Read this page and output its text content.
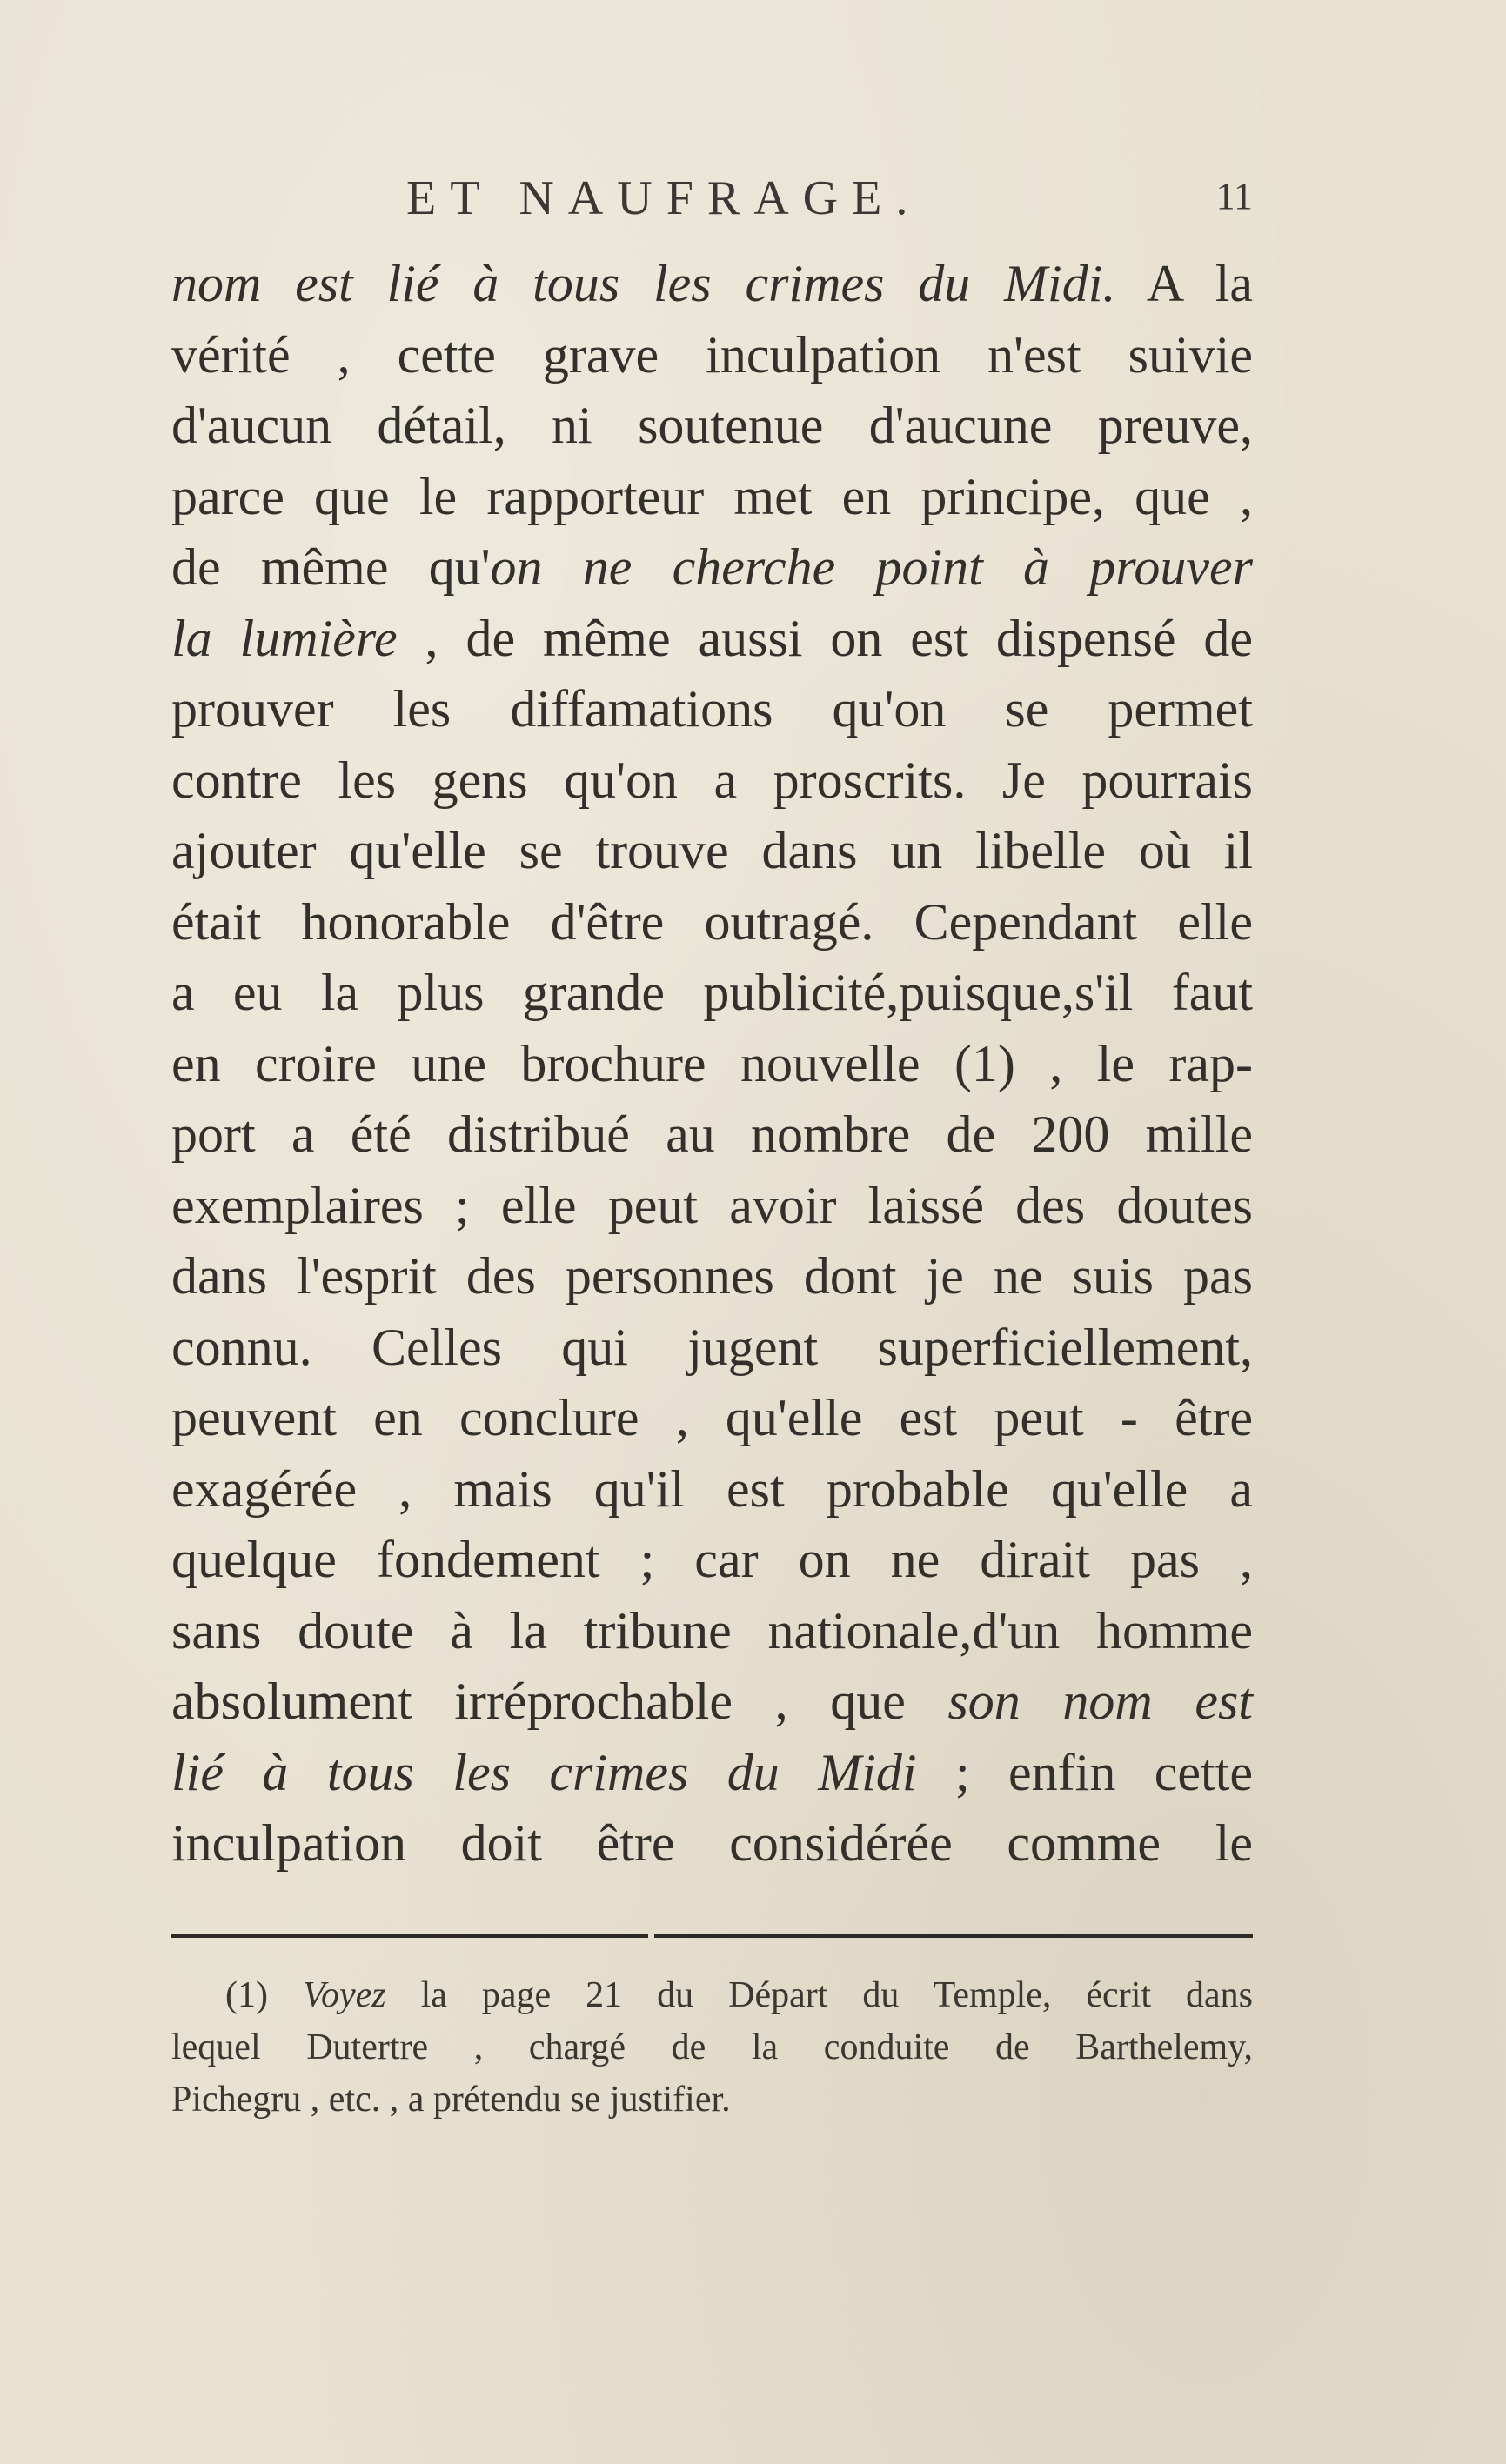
ET NAUFRAGE.	11
nom est lié à tous les crimes du Midi. A la
vérité , cette grave inculpation n'est suivie
d'aucun détail, ni soutenue d'aucune preuve,
parce que le rapporteur met en principe, que ,
de même qu'on ne cherche point à prouver
la lumière , de même aussi on est dispensé de
prouver les diffamations qu'on se permet
contre les gens qu'on a proscrits. Je pourrais
ajouter qu'elle se trouve dans un libelle où il
était honorable d'être outragé. Cependant elle
a eu la plus grande publicité,puisque,s'il faut
en croire une brochure nouvelle (1) , le rap-
port a été distribué au nombre de 200 mille
exemplaires ; elle peut avoir laissé des doutes
dans l'esprit des personnes dont je ne suis pas
connu. Celles qui jugent superficiellement,
peuvent en conclure , qu'elle est peut - être
exagérée , mais qu'il est probable qu'elle a
quelque fondement ; car on ne dirait pas ,
sans doute à la tribune nationale,d'un homme
absolument irréprochable , que son nom est
lié à tous les crimes du Midi ; enfin cette
inculpation doit être considérée comme le
(1) Voyez la page 21 du Départ du Temple, écrit dans
lequel Dutertre , chargé de la conduite de Barthelemy,
Pichegru , etc. , a prétendu se justifier.
